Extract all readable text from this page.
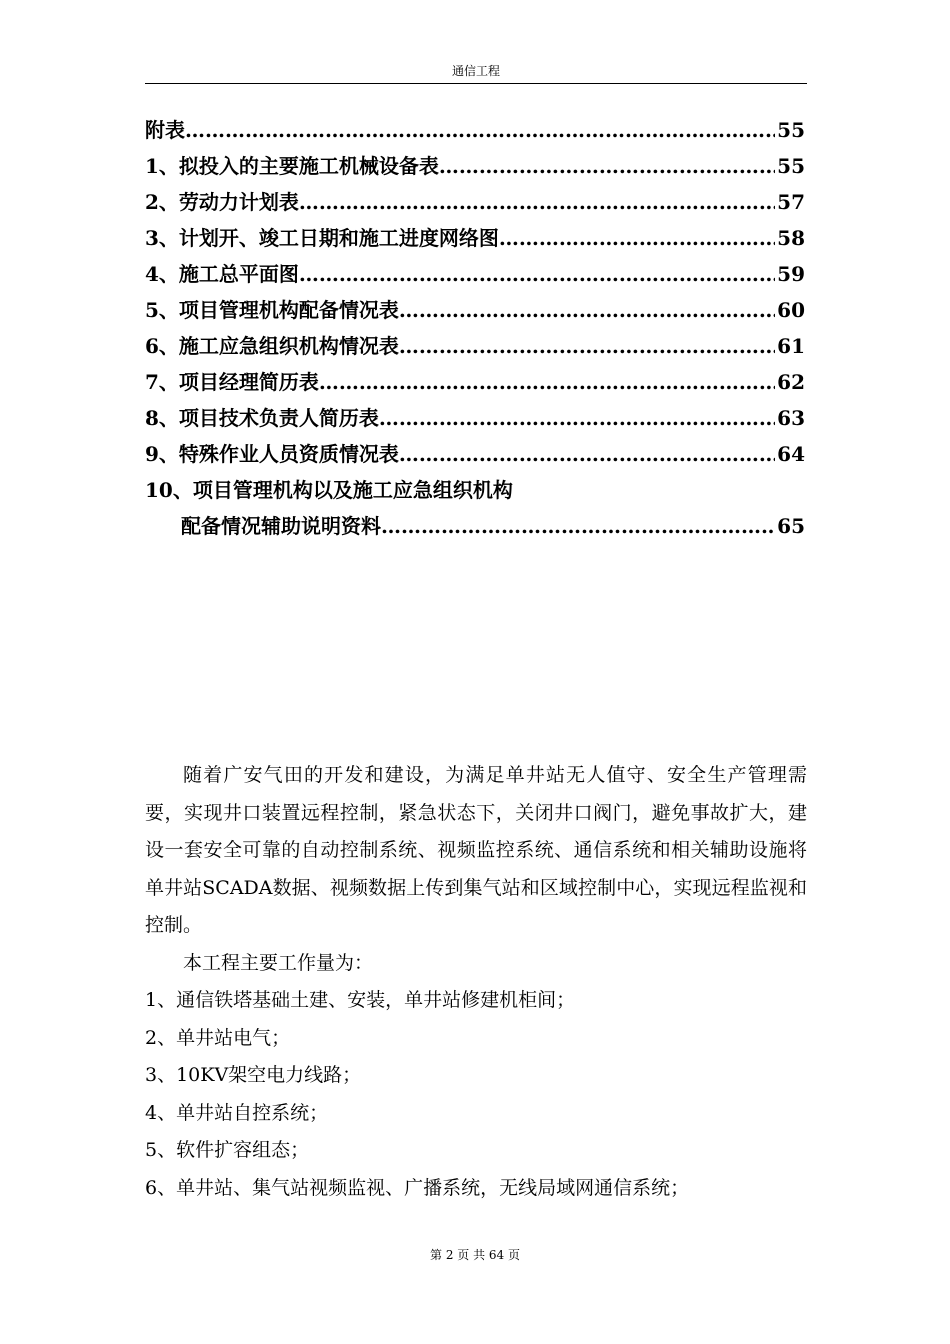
通信工程
附表 ……………………………………………………………………………………………………………………………………	55
1、拟投入的主要施工机械设备表 ……………………………………………………………………………………………………………………………………	55
2、劳动力计划表 ……………………………………………………………………………………………………………………………………	57
3、计划开、竣工日期和施工进度网络图 ……………………………………………………………………………………………………………………………………	58
4、施工总平面图 ……………………………………………………………………………………………………………………………………	59
5、项目管理机构配备情况表 ……………………………………………………………………………………………………………………………………	60
6、施工应急组织机构情况表 ……………………………………………………………………………………………………………………………………	61
7、项目经理简历表 ……………………………………………………………………………………………………………………………………	62
8、项目技术负责人简历表 ……………………………………………………………………………………………………………………………………	63
9、特殊作业人员资质情况表 ……………………………………………………………………………………………………………………………………	64
10、项目管理机构以及施工应急组织机构
配备情况辅助说明资料 ……………………………………………………………………………………………………………………………………	65

随着广安气田的开发和建设，为满足单井站无人值守、安全生产管理需要，实现井口装置远程控制，紧急状态下，关闭井口阀门，避免事故扩大，建设一套安全可靠的自动控制系统、视频监控系统、通信系统和相关辅助设施将单井站SCADA数据、视频数据上传到集气站和区域控制中心，实现远程监视和控制。

本工程主要工作量为：

1、通信铁塔基础土建、安装，单井站修建机柜间；

2、单井站电气；

3、10KV架空电力线路；

4、单井站自控系统；

5、软件扩容组态；

6、单井站、集气站视频监视、广播系统，无线局域网通信系统；

第 2 页 共 64 页
